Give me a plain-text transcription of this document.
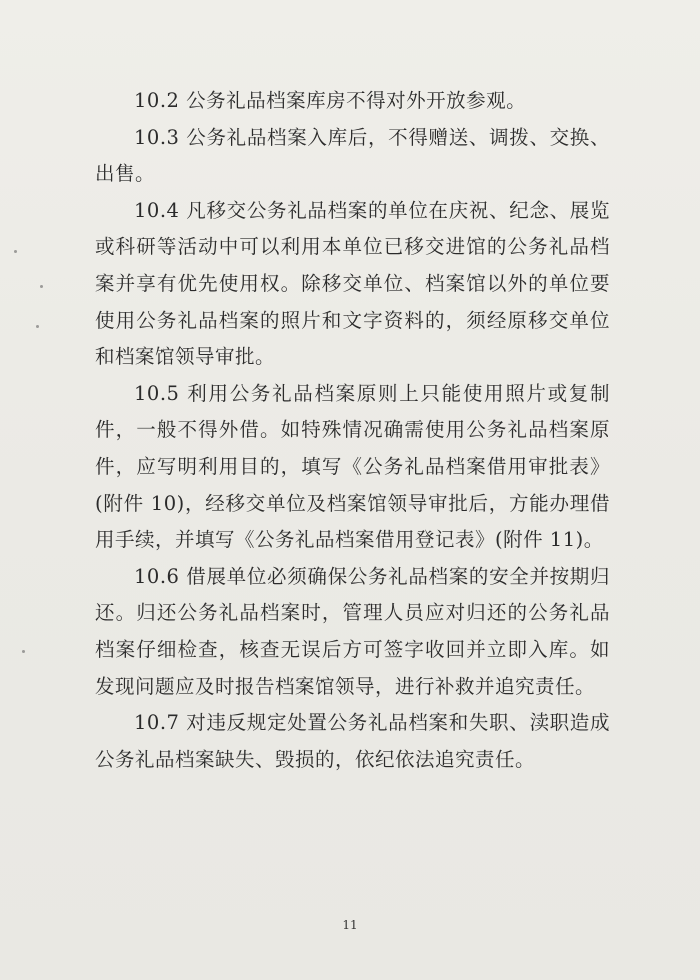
10.2 公务礼品档案库房不得对外开放参观。

10.3 公务礼品档案入库后，不得赠送、调拨、交换、出售。

10.4 凡移交公务礼品档案的单位在庆祝、纪念、展览或科研等活动中可以利用本单位已移交进馆的公务礼品档案并享有优先使用权。除移交单位、档案馆以外的单位要使用公务礼品档案的照片和文字资料的，须经原移交单位和档案馆领导审批。

10.5 利用公务礼品档案原则上只能使用照片或复制件，一般不得外借。如特殊情况确需使用公务礼品档案原件，应写明利用目的，填写《公务礼品档案借用审批表》(附件 10)，经移交单位及档案馆领导审批后，方能办理借用手续，并填写《公务礼品档案借用登记表》(附件 11)。

10.6 借展单位必须确保公务礼品档案的安全并按期归还。归还公务礼品档案时，管理人员应对归还的公务礼品档案仔细检查，核查无误后方可签字收回并立即入库。如发现问题应及时报告档案馆领导，进行补救并追究责任。

10.7 对违反规定处置公务礼品档案和失职、渎职造成公务礼品档案缺失、毁损的，依纪依法追究责任。

11
